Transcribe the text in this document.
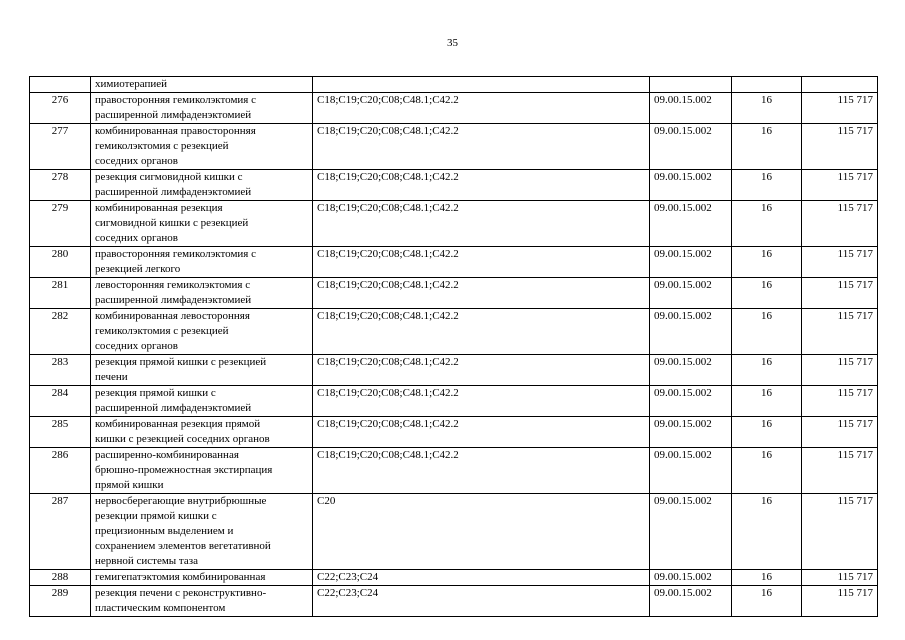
35

	химиотерапией				

276	правосторонняя гемиколэктомия с
расширенной лимфаденэктомией	C18;C19;C20;C08;C48.1;C42.2	09.00.15.002	16	115 717
277	комбинированная правосторонняя
гемиколэктомия с резекцией
соседних органов	C18;C19;C20;C08;C48.1;C42.2	09.00.15.002	16	115 717
278	резекция сигмовидной кишки с
расширенной лимфаденэктомией	C18;C19;C20;C08;C48.1;C42.2	09.00.15.002	16	115 717
279	комбинированная резекция
сигмовидной кишки с резекцией
соседних органов	C18;C19;C20;C08;C48.1;C42.2	09.00.15.002	16	115 717
280	правосторонняя гемиколэктомия с
резекцией легкого	C18;C19;C20;C08;C48.1;C42.2	09.00.15.002	16	115 717
281	левосторонняя гемиколэктомия с
расширенной лимфаденэктомией	C18;C19;C20;C08;C48.1;C42.2	09.00.15.002	16	115 717
282	комбинированная левосторонняя
гемиколэктомия с резекцией
соседних органов	C18;C19;C20;C08;C48.1;C42.2	09.00.15.002	16	115 717
283	резекция прямой кишки с резекцией
печени	C18;C19;C20;C08;C48.1;C42.2	09.00.15.002	16	115 717
284	резекция прямой кишки с
расширенной лимфаденэктомией	C18;C19;C20;C08;C48.1;C42.2	09.00.15.002	16	115 717
285	комбинированная резекция прямой
кишки с резекцией соседних органов	C18;C19;C20;C08;C48.1;C42.2	09.00.15.002	16	115 717
286	расширенно-комбинированная
брюшно-промежностная экстирпация
прямой кишки	C18;C19;C20;C08;C48.1;C42.2	09.00.15.002	16	115 717
287	нервосберегающие внутрибрюшные
резекции прямой кишки с
прецизионным выделением и
сохранением элементов вегетативной
нервной системы таза	C20	09.00.15.002	16	115 717
288	гемигепатэктомия комбинированная	C22;C23;C24	09.00.15.002	16	115 717
289	резекция печени с реконструктивно-
пластическим компонентом	C22;C23;C24	09.00.15.002	16	115 717
